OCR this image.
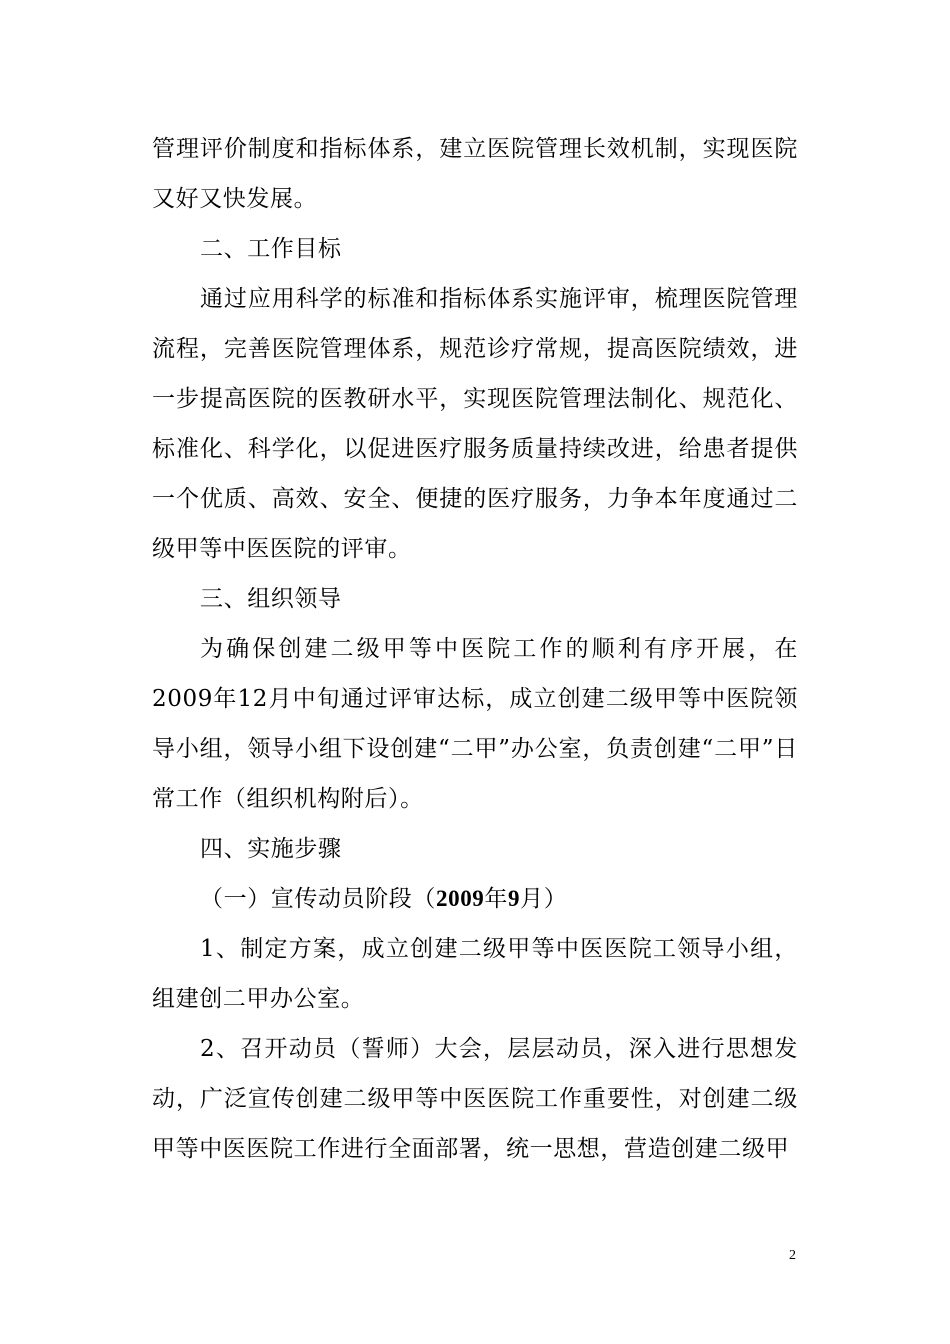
管理评价制度和指标体系，建立医院管理长效机制，实现医院又好又快发展。

二、工作目标

通过应用科学的标准和指标体系实施评审，梳理医院管理流程，完善医院管理体系，规范诊疗常规，提高医院绩效，进一步提高医院的医教研水平，实现医院管理法制化、规范化、标准化、科学化，以促进医疗服务质量持续改进，给患者提供一个优质、高效、安全、便捷的医疗服务，力争本年度通过二级甲等中医医院的评审。

三、组织领导

为确保创建二级甲等中医院工作的顺利有序开展，在2009年12月中旬通过评审达标，成立创建二级甲等中医院领导小组，领导小组下设创建“二甲”办公室，负责创建“二甲”日常工作（组织机构附后）。

四、实施步骤

（一）宣传动员阶段（2009年9月）

1、制定方案，成立创建二级甲等中医医院工领导小组，组建创二甲办公室。

2、召开动员（誓师）大会，层层动员，深入进行思想发动，广泛宣传创建二级甲等中医医院工作重要性，对创建二级甲等中医医院工作进行全面部署，统一思想，营造创建二级甲

2
